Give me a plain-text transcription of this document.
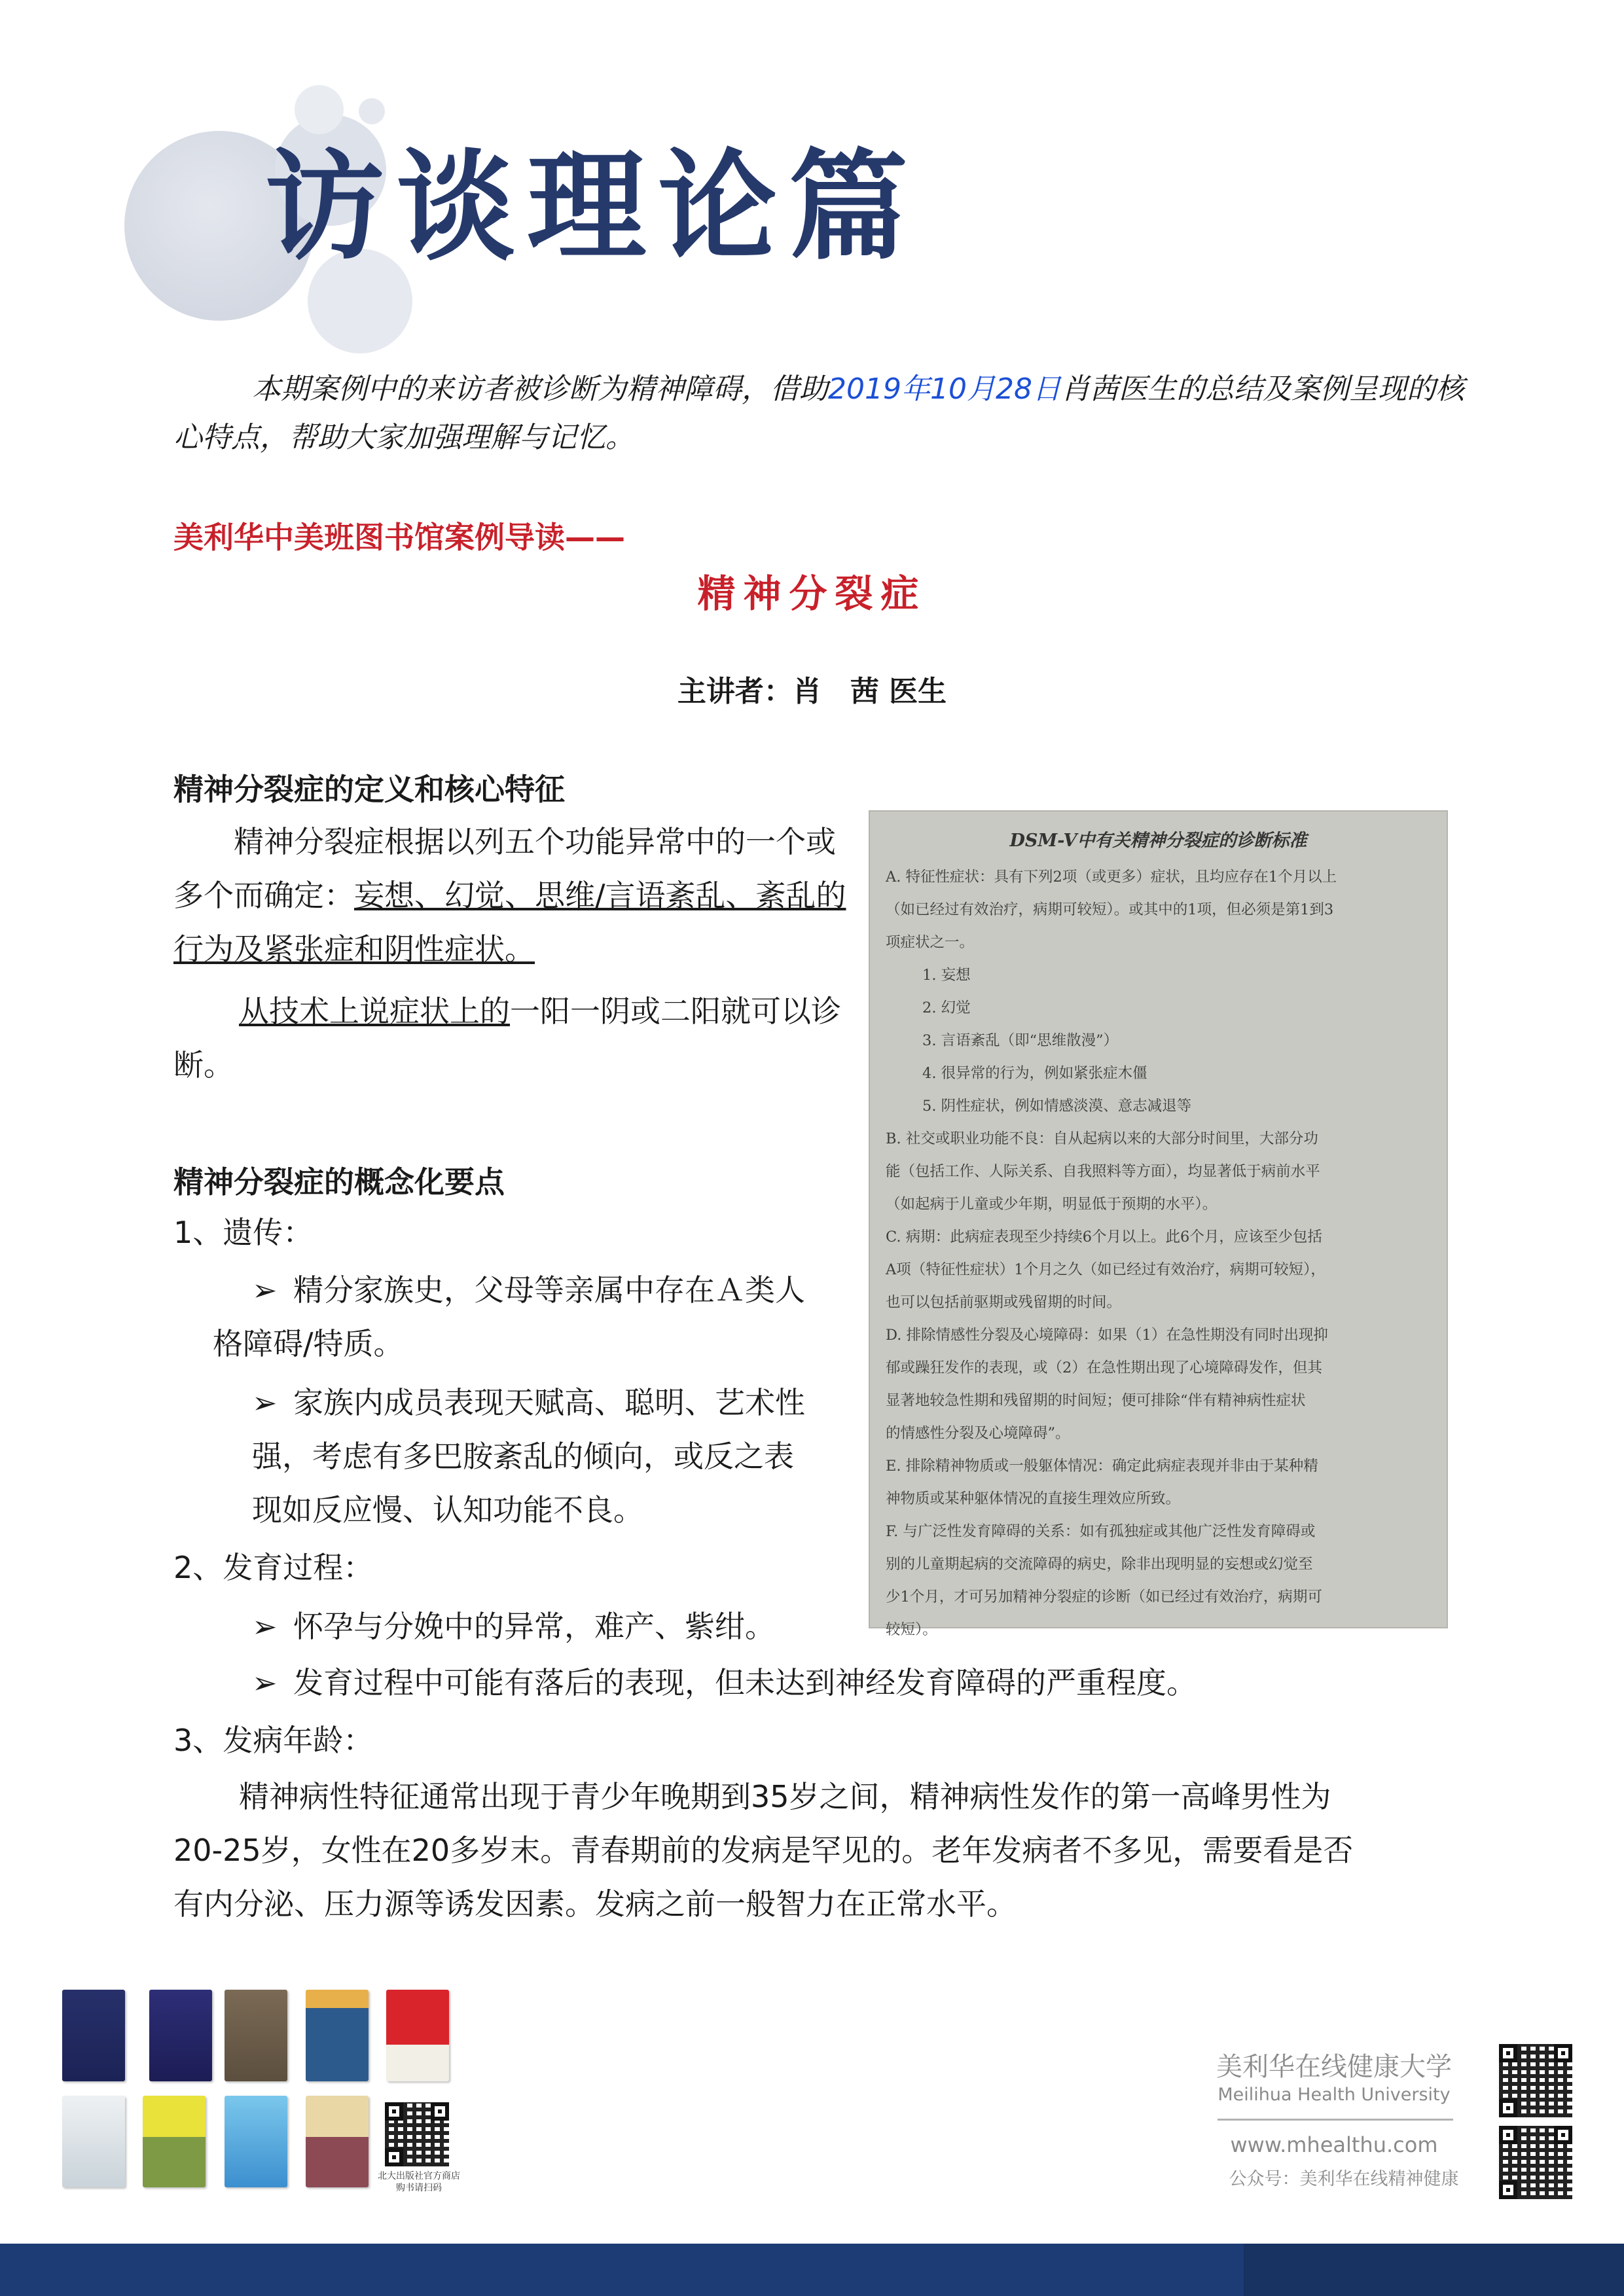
访谈理论篇
本期案例中的来访者被诊断为精神障碍，借助2019年10月28日肖茜医生的总结及案例呈现的核心特点，帮助大家加强理解与记忆。
美利华中美班图书馆案例导读——
精神分裂症
主讲者：肖　茜 医生
精神分裂症的定义和核心特征
精神分裂症根据以列五个功能异常中的一个或多个而确定：妄想、幻觉、思维/言语紊乱、紊乱的行为及紧张症和阴性症状。
从技术上说症状上的一阳一阴或二阳就可以诊断。
DSM-V中有关精神分裂症的诊断标准
A. 特征性症状：具有下列2项（或更多）症状，且均应存在1个月以上
（如已经过有效治疗，病期可较短）。或其中的1项，但必须是第1到3
项症状之一。
1. 妄想
2. 幻觉
3. 言语紊乱（即“思维散漫”）
4. 很异常的行为，例如紧张症木僵
5. 阴性症状，例如情感淡漠、意志减退等
B. 社交或职业功能不良：自从起病以来的大部分时间里，大部分功
能（包括工作、人际关系、自我照料等方面），均显著低于病前水平
（如起病于儿童或少年期，明显低于预期的水平）。
C. 病期：此病症表现至少持续6个月以上。此6个月，应该至少包括
A项（特征性症状）1个月之久（如已经过有效治疗，病期可较短），
也可以包括前驱期或残留期的时间。
D. 排除情感性分裂及心境障碍：如果（1）在急性期没有同时出现抑
郁或躁狂发作的表现，或（2）在急性期出现了心境障碍发作，但其
显著地较急性期和残留期的时间短；便可排除“伴有精神病性症状
的情感性分裂及心境障碍”。
E. 排除精神物质或一般躯体情况：确定此病症表现并非由于某种精
神物质或某种躯体情况的直接生理效应所致。
F. 与广泛性发育障碍的关系：如有孤独症或其他广泛性发育障碍或
别的儿童期起病的交流障碍的病史，除非出现明显的妄想或幻觉至
少1个月，才可另加精神分裂症的诊断（如已经过有效治疗，病期可
较短）。
精神分裂症的概念化要点
1、遗传：
➢ 精分家族史，父母等亲属中存在Ａ类人
格障碍/特质。
➢ 家族内成员表现天赋高、聪明、艺术性
强，考虑有多巴胺紊乱的倾向，或反之表
现如反应慢、认知功能不良。
2、发育过程：
➢ 怀孕与分娩中的异常，难产、紫绀。
➢ 发育过程中可能有落后的表现，但未达到神经发育障碍的严重程度。
3、发病年龄：
精神病性特征通常出现于青少年晚期到35岁之间，精神病性发作的第一高峰男性为
20-25岁，女性在20多岁末。青春期前的发病是罕见的。老年发病者不多见，需要看是否
有内分泌、压力源等诱发因素。发病之前一般智力在正常水平。
北大出版社官方商店
购书请扫码
美利华在线健康大学
Meilihua Health University
www.mhealthu.com
公众号：美利华在线精神健康
